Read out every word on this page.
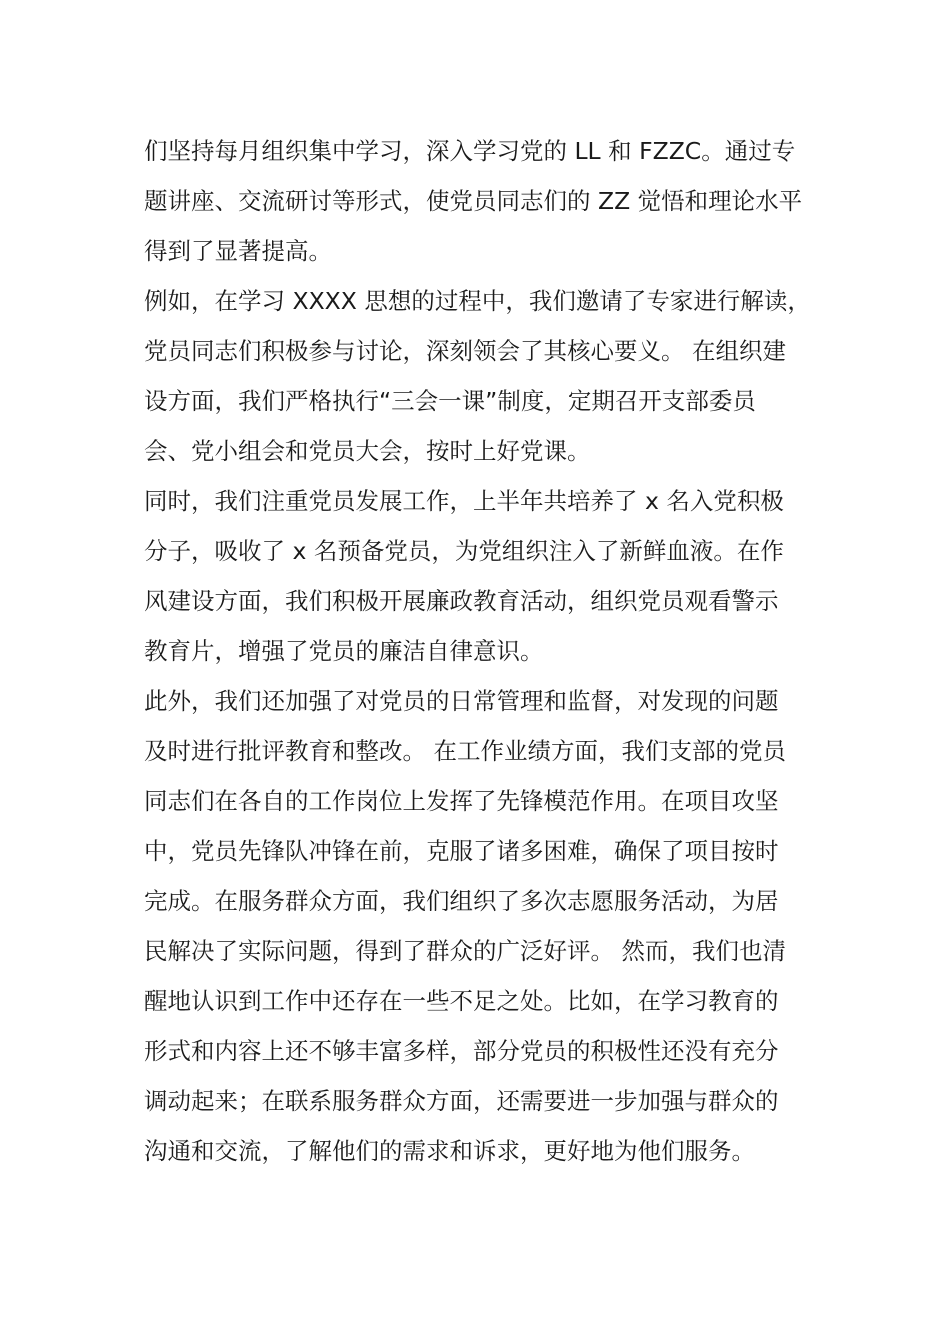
们坚持每月组织集中学习，深入学习党的 LL 和 FZZC。通过专
题讲座、交流研讨等形式，使党员同志们的 ZZ 觉悟和理论水平
得到了显著提高。

例如，在学习 XXXX 思想的过程中，我们邀请了专家进行解读，
党员同志们积极参与讨论，深刻领会了其核心要义。 在组织建
设方面，我们严格执行“三会一课”制度，定期召开支部委员
会、党小组会和党员大会，按时上好党课。

同时，我们注重党员发展工作，上半年共培养了 x 名入党积极
分子，吸收了 x 名预备党员，为党组织注入了新鲜血液。在作
风建设方面，我们积极开展廉政教育活动，组织党员观看警示
教育片，增强了党员的廉洁自律意识。

此外，我们还加强了对党员的日常管理和监督，对发现的问题
及时进行批评教育和整改。 在工作业绩方面，我们支部的党员
同志们在各自的工作岗位上发挥了先锋模范作用。在项目攻坚
中，党员先锋队冲锋在前，克服了诸多困难，确保了项目按时
完成。在服务群众方面，我们组织了多次志愿服务活动，为居
民解决了实际问题，得到了群众的广泛好评。 然而，我们也清
醒地认识到工作中还存在一些不足之处。比如，在学习教育的
形式和内容上还不够丰富多样，部分党员的积极性还没有充分
调动起来；在联系服务群众方面，还需要进一步加强与群众的
沟通和交流，了解他们的需求和诉求，更好地为他们服务。
